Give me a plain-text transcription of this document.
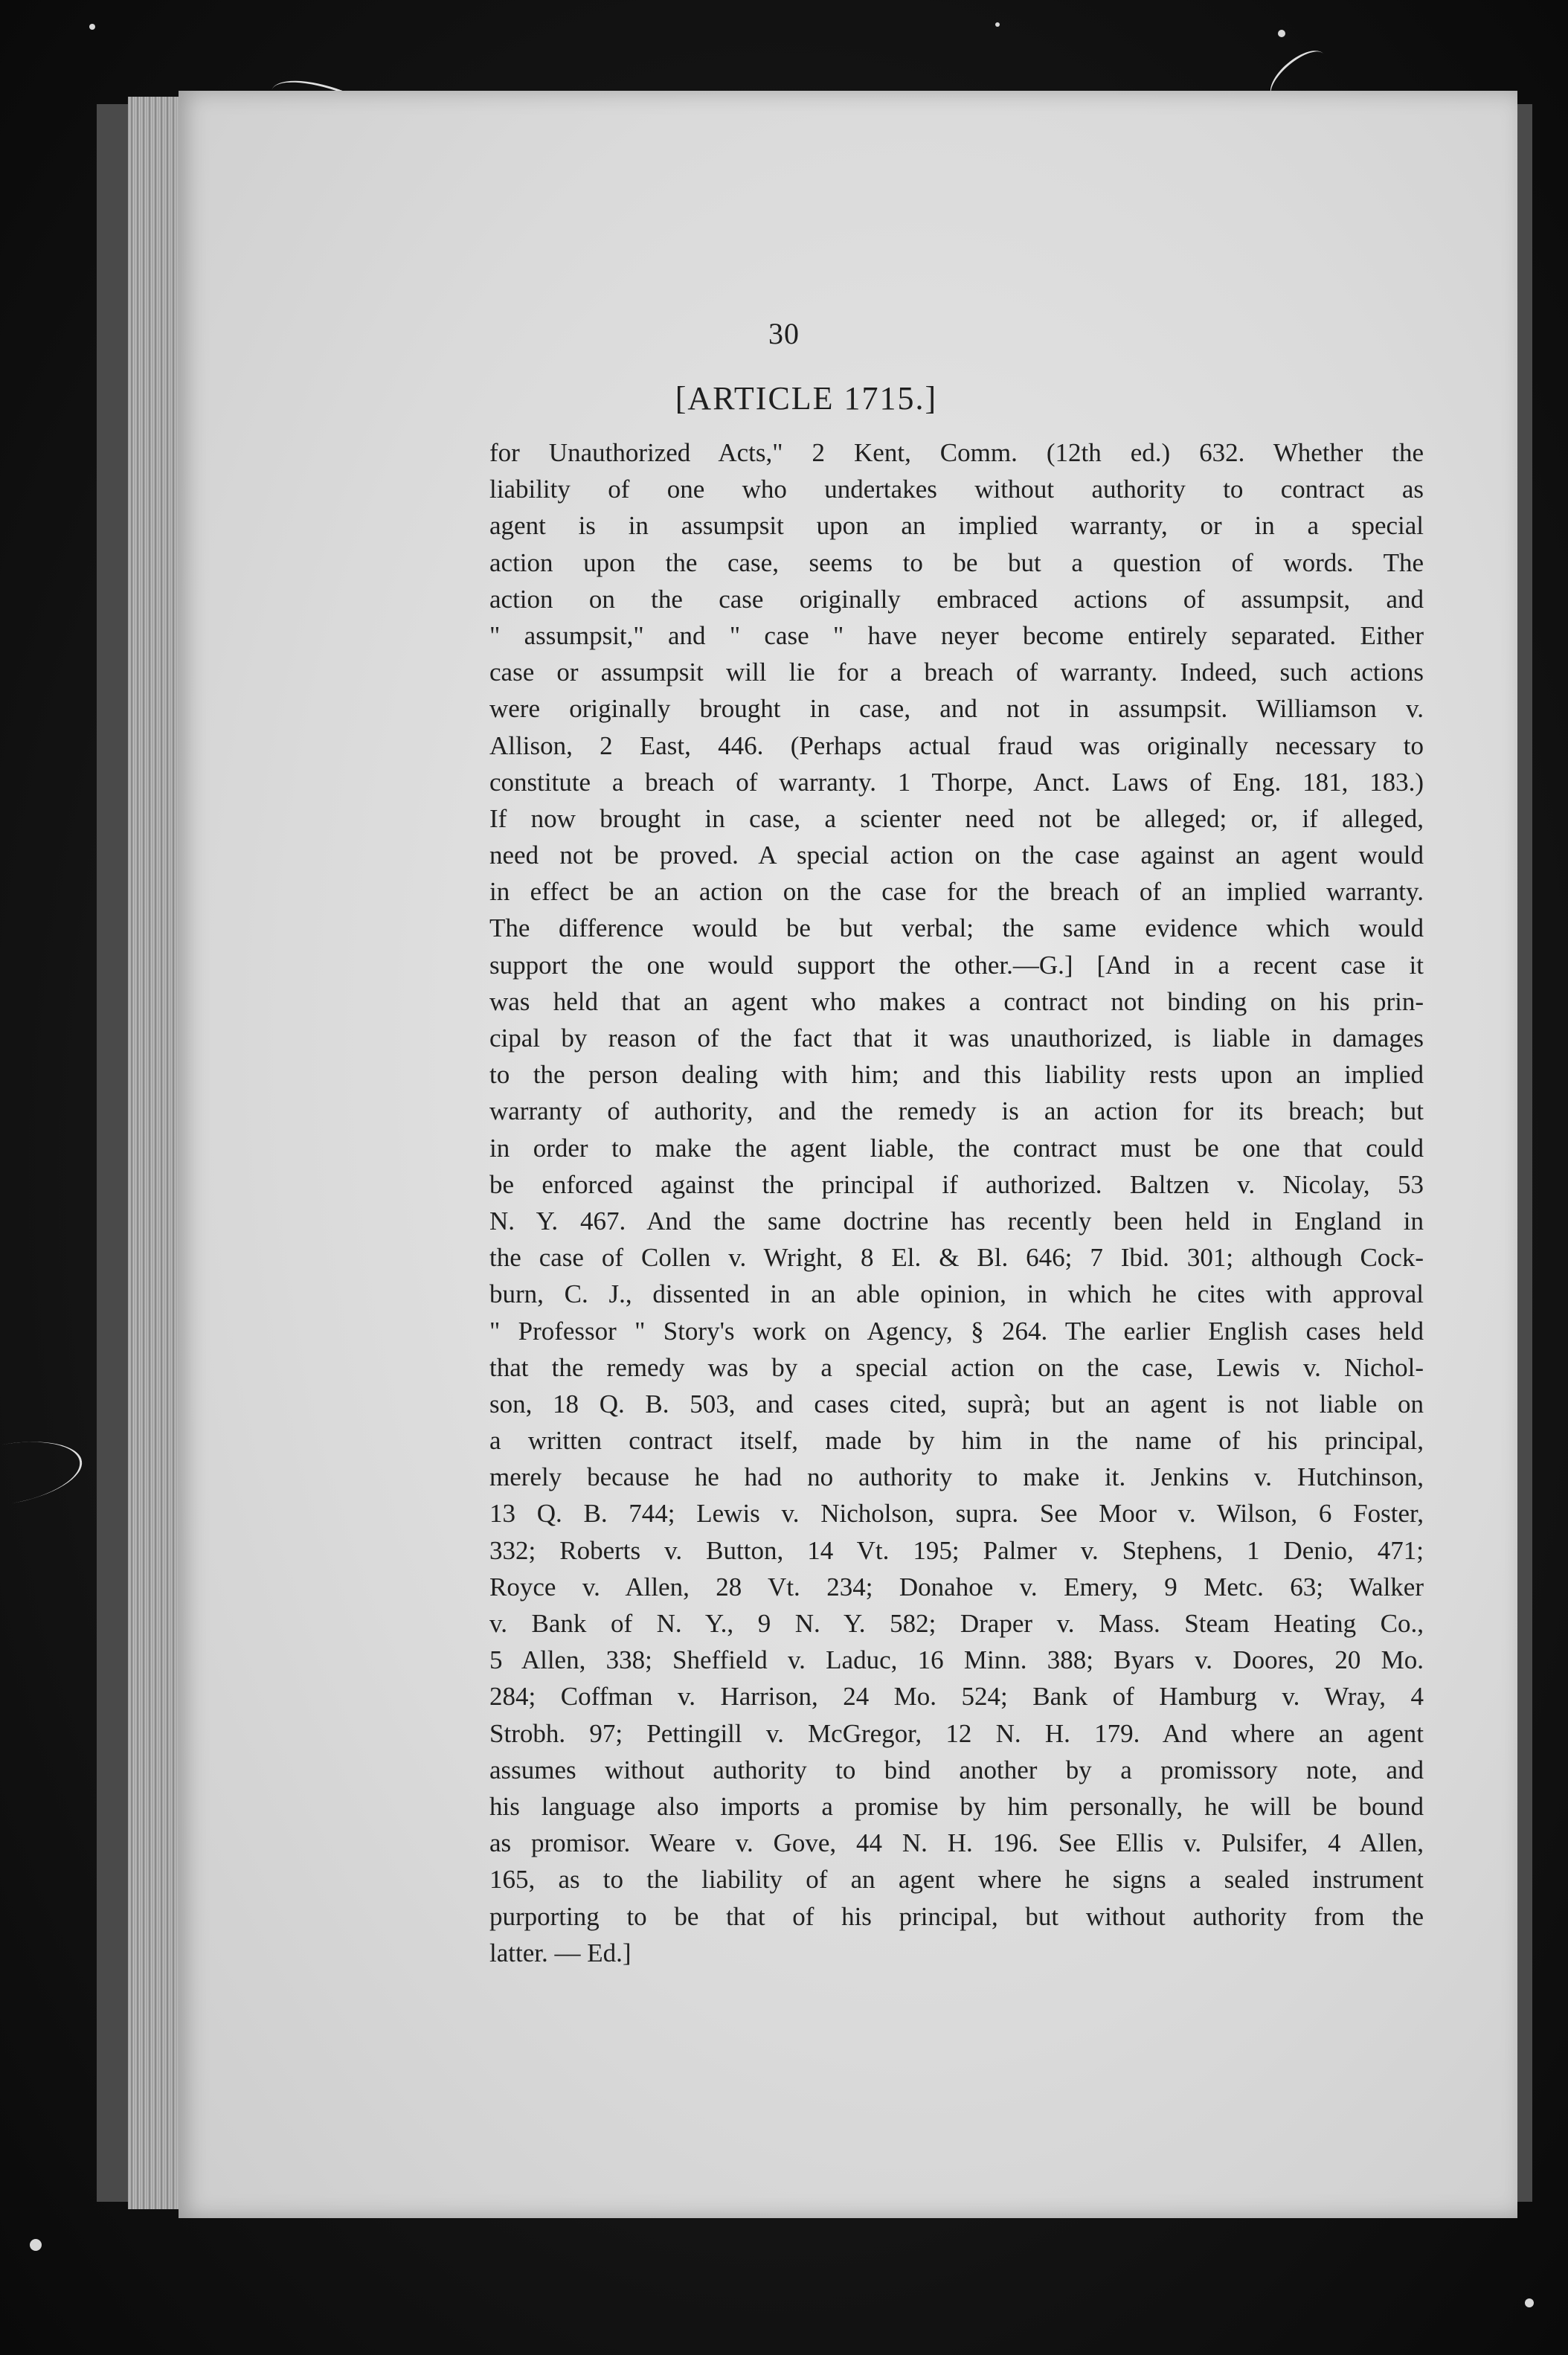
30
[ARTICLE 1715.]
for Unauthorized Acts," 2 Kent, Comm. (12th ed.) 632. Whether the
liability of one who undertakes without authority to contract as
agent is in assumpsit upon an implied warranty, or in a special
action upon the case, seems to be but a question of words. The
action on the case originally embraced actions of assumpsit, and
" assumpsit," and " case " have neyer become entirely separated. Either
case or assumpsit will lie for a breach of warranty. Indeed, such actions
were originally brought in case, and not in assumpsit. Williamson v.
Allison, 2 East, 446. (Perhaps actual fraud was originally necessary to
constitute a breach of warranty. 1 Thorpe, Anct. Laws of Eng. 181, 183.)
If now brought in case, a scienter need not be alleged; or, if alleged,
need not be proved. A special action on the case against an agent would
in effect be an action on the case for the breach of an implied warranty.
The difference would be but verbal; the same evidence which would
support the one would support the other.—G.] [And in a recent case it
was held that an agent who makes a contract not binding on his prin-
cipal by reason of the fact that it was unauthorized, is liable in damages
to the person dealing with him; and this liability rests upon an implied
warranty of authority, and the remedy is an action for its breach; but
in order to make the agent liable, the contract must be one that could
be enforced against the principal if authorized. Baltzen v. Nicolay, 53
N. Y. 467. And the same doctrine has recently been held in England in
the case of Collen v. Wright, 8 El. & Bl. 646; 7 Ibid. 301; although Cock-
burn, C. J., dissented in an able opinion, in which he cites with approval
" Professor " Story's work on Agency, § 264. The earlier English cases held
that the remedy was by a special action on the case, Lewis v. Nichol-
son, 18 Q. B. 503, and cases cited, suprà; but an agent is not liable on
a written contract itself, made by him in the name of his principal,
merely because he had no authority to make it. Jenkins v. Hutchinson,
13 Q. B. 744; Lewis v. Nicholson, supra. See Moor v. Wilson, 6 Foster,
332; Roberts v. Button, 14 Vt. 195; Palmer v. Stephens, 1 Denio, 471;
Royce v. Allen, 28 Vt. 234; Donahoe v. Emery, 9 Metc. 63; Walker
v. Bank of N. Y., 9 N. Y. 582; Draper v. Mass. Steam Heating Co.,
5 Allen, 338; Sheffield v. Laduc, 16 Minn. 388; Byars v. Doores, 20 Mo.
284; Coffman v. Harrison, 24 Mo. 524; Bank of Hamburg v. Wray, 4
Strobh. 97; Pettingill v. McGregor, 12 N. H. 179. And where an agent
assumes without authority to bind another by a promissory note, and
his language also imports a promise by him personally, he will be bound
as promisor. Weare v. Gove, 44 N. H. 196. See Ellis v. Pulsifer, 4 Allen,
165, as to the liability of an agent where he signs a sealed instrument
purporting to be that of his principal, but without authority from the
latter. — Ed.]
